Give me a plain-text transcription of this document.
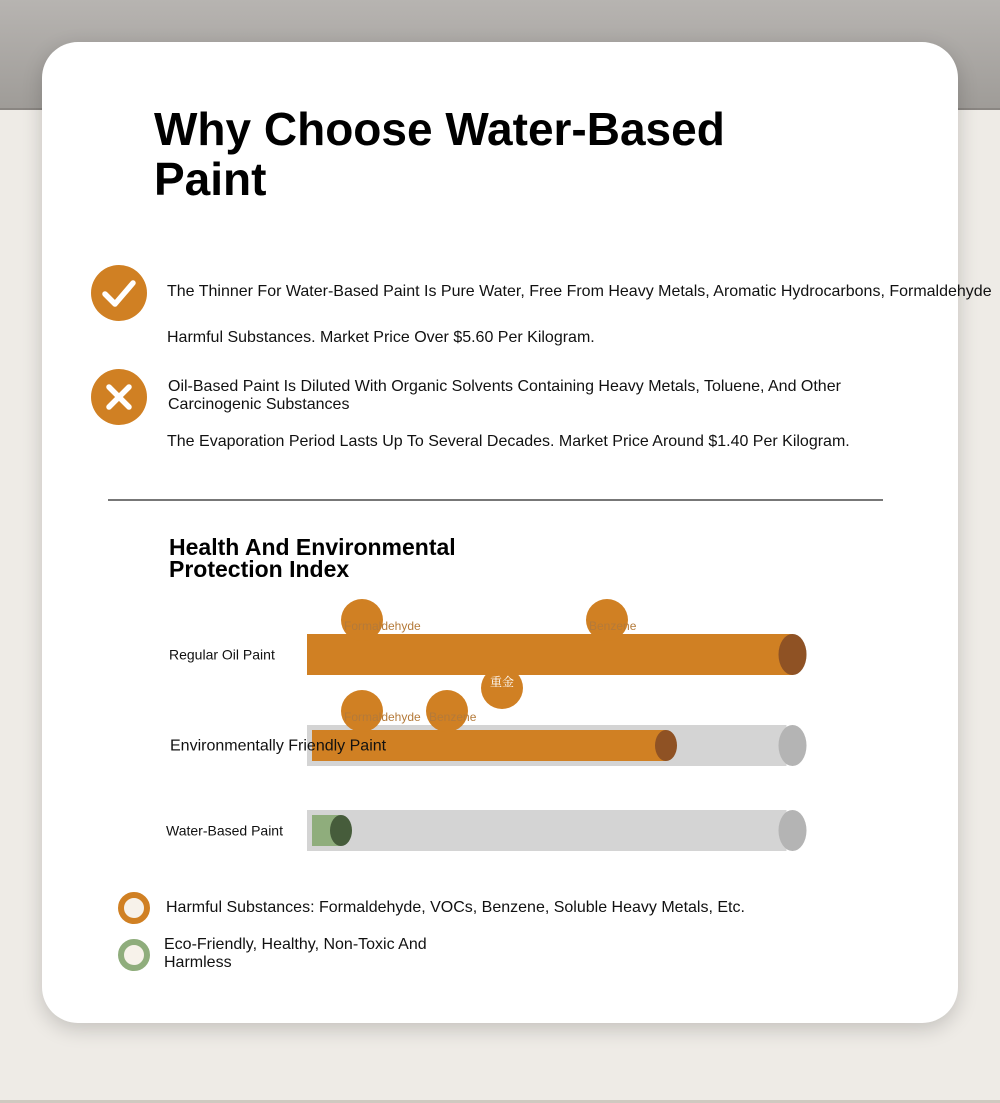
Why Choose Water-Based Paint
The Thinner For Water-Based Paint Is Pure Water, Free From Heavy Metals, Aromatic Hydrocarbons, Formaldehyde
Harmful Substances. Market Price Over $5.60 Per Kilogram.
Oil-Based Paint Is Diluted With Organic Solvents Containing Heavy Metals, Toluene, And Other Carcinogenic Substances
The Evaporation Period Lasts Up To Several Decades. Market Price Around $1.40 Per Kilogram.
Health And Environmental Protection Index
Formaldehyde	Benzene
重金
Formaldehyde Benzene
Regular Oil Paint
Environmentally Friendly Paint
Water-Based Paint
Harmful Substances: Formaldehyde, VOCs, Benzene, Soluble Heavy Metals, Etc.
Eco-Friendly, Healthy, Non-Toxic And Harmless
